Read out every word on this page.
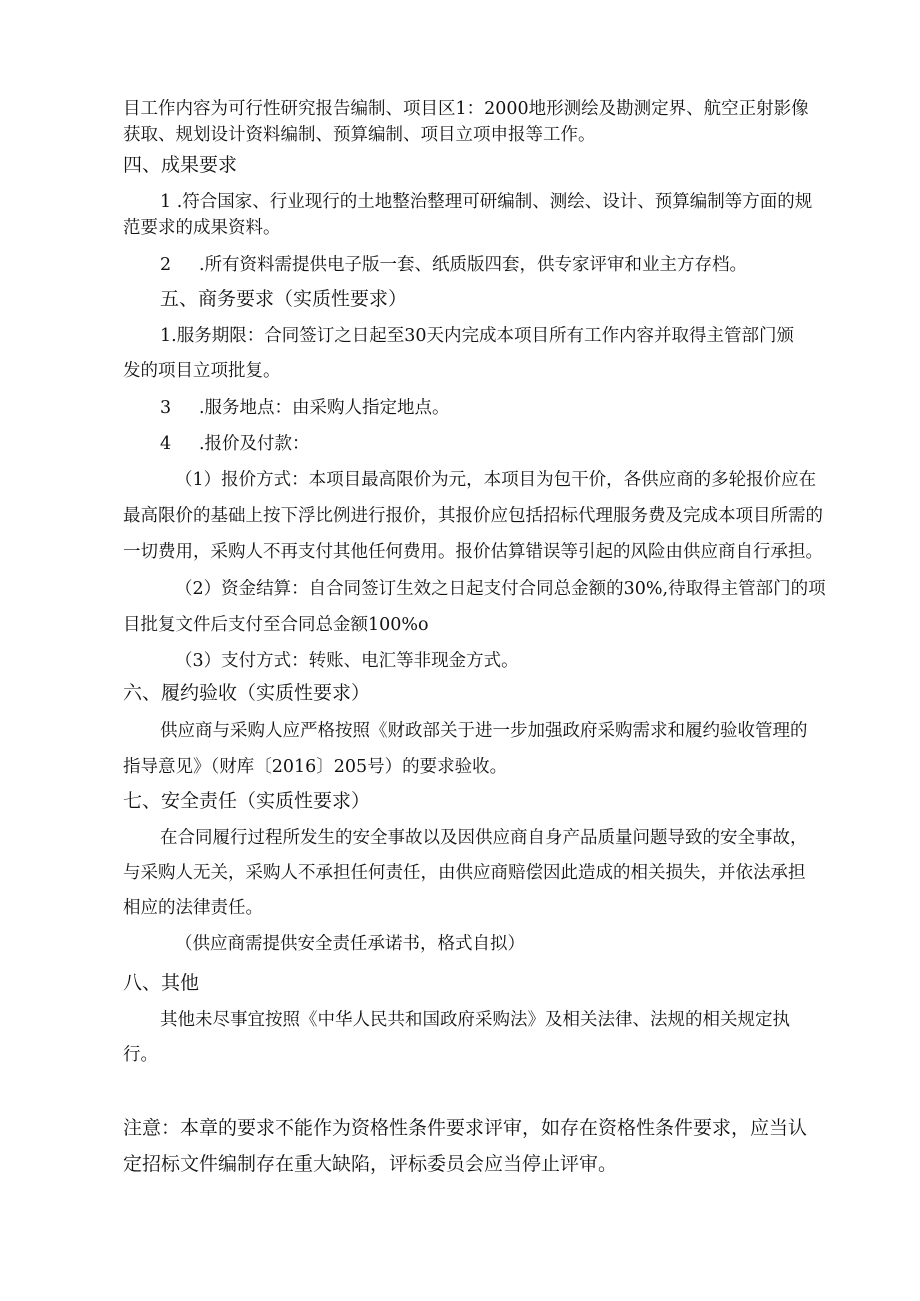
目工作内容为可行性研究报告编制、项目区1：2000地形测绘及勘测定界、航空正射影像
获取、规划设计资料编制、预算编制、项目立项申报等工作。
四、成果要求
1 .符合国家、行业现行的土地整治整理可研编制、测绘、设计、预算编制等方面的规
范要求的成果资料。
2     .所有资料需提供电子版一套、纸质版四套，供专家评审和业主方存档。
五、商务要求（实质性要求）
1.服务期限：合同签订之日起至30天内完成本项目所有工作内容并取得主管部门颁
发的项目立项批复。
3     .服务地点：由采购人指定地点。
4     .报价及付款：
（1）报价方式：本项目最高限价为元，本项目为包干价，各供应商的多轮报价应在
最高限价的基础上按下浮比例进行报价，其报价应包括招标代理服务费及完成本项目所需的
一切费用，采购人不再支付其他任何费用。报价估算错误等引起的风险由供应商自行承担。
（2）资金结算：自合同签订生效之日起支付合同总金额的30%,待取得主管部门的项
目批复文件后支付至合同总金额100%o
（3）支付方式：转账、电汇等非现金方式。
六、履约验收（实质性要求）
供应商与采购人应严格按照《财政部关于进一步加强政府采购需求和履约验收管理的
指导意见》（财库〔2016〕205号）的要求验收。
七、安全责任（实质性要求）
在合同履行过程所发生的安全事故以及因供应商自身产品质量问题导致的安全事故，
与采购人无关，采购人不承担任何责任，由供应商赔偿因此造成的相关损失，并依法承担
相应的法律责任。
（供应商需提供安全责任承诺书，格式自拟）
八、其他
其他未尽事宜按照《中华人民共和国政府采购法》及相关法律、法规的相关规定执
行。
注意：本章的要求不能作为资格性条件要求评审，如存在资格性条件要求，应当认
定招标文件编制存在重大缺陷，评标委员会应当停止评审。
